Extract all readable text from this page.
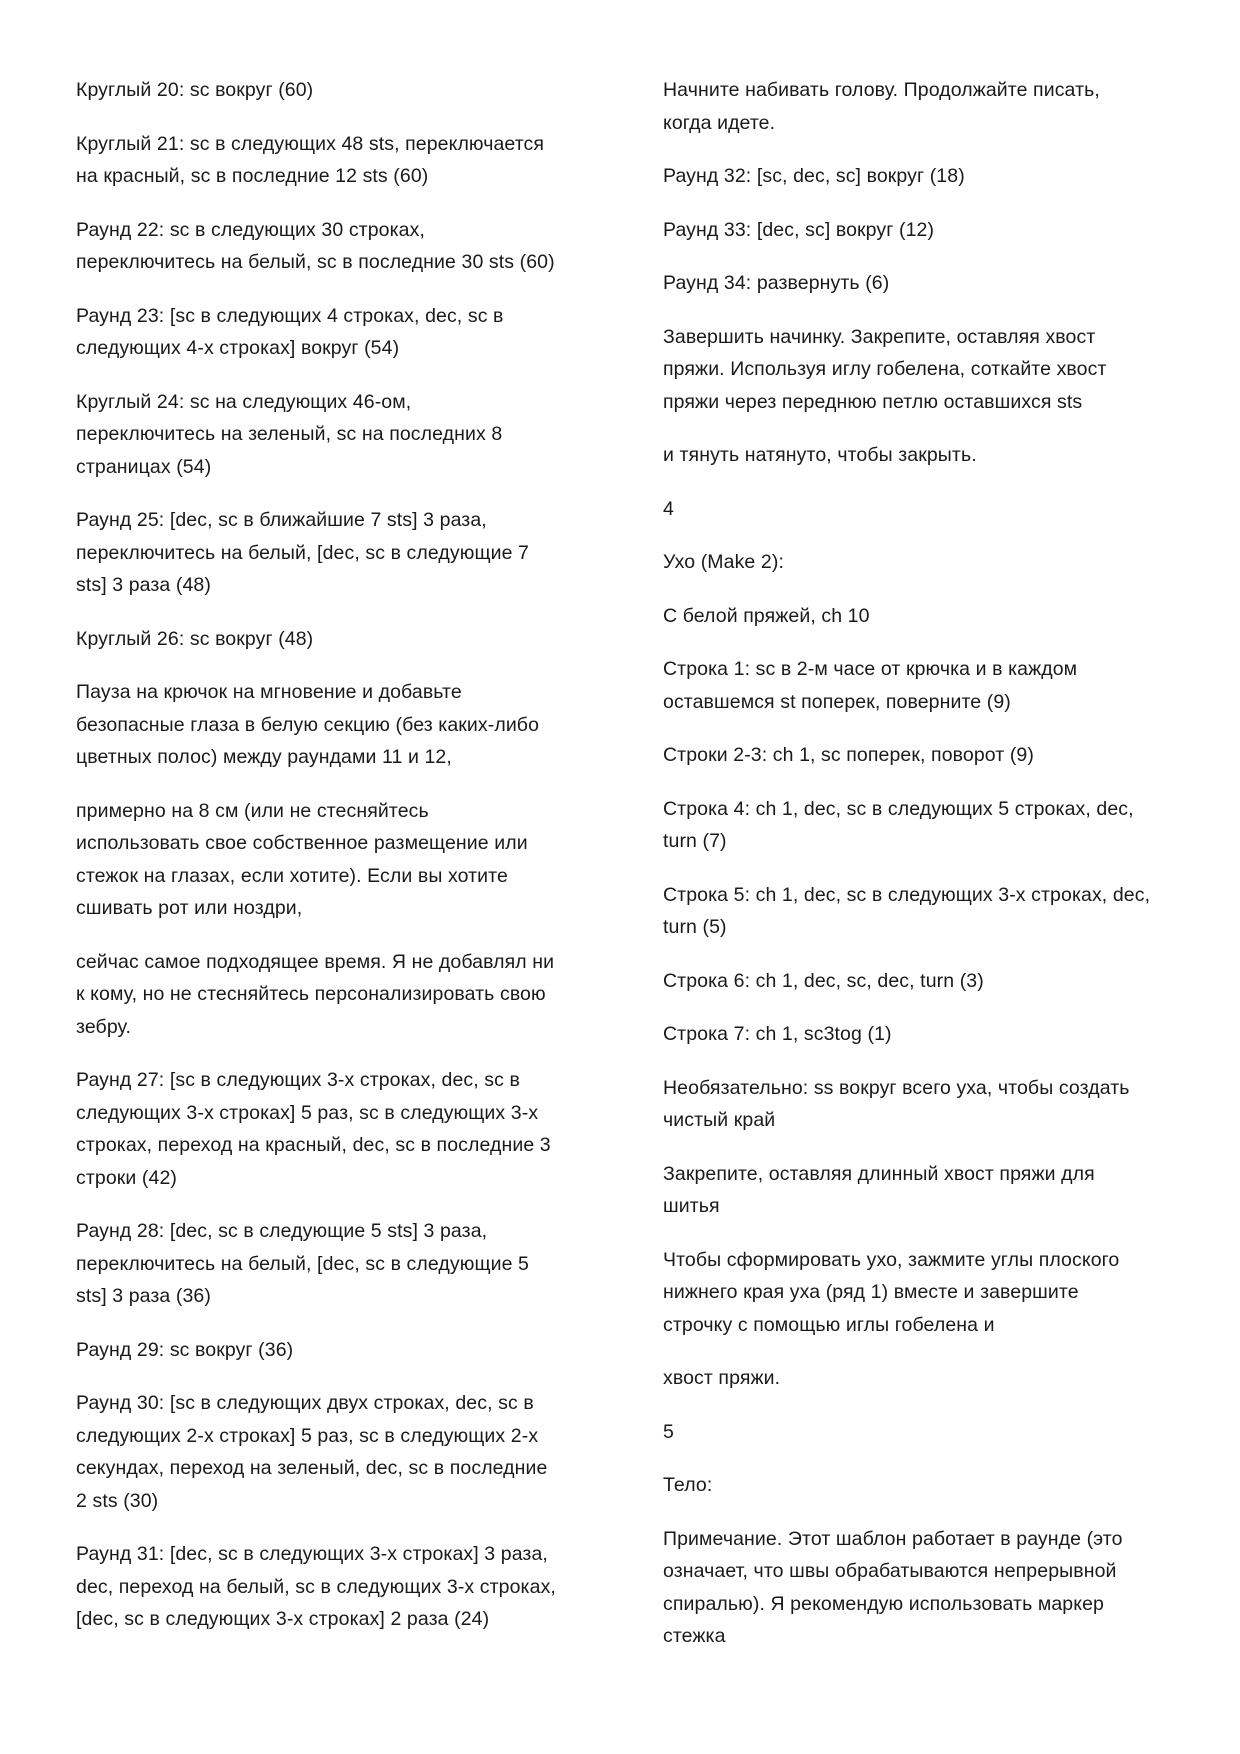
Круглый 20: sc вокруг (60)

Круглый 21: sc в следующих 48 sts, переключается
на красный, sc в последние 12 sts (60)

Раунд 22: sc в следующих 30 строках,
переключитесь на белый, sc в последние 30 sts (60)

Раунд 23: [sc в следующих 4 строках, dec, sc в
следующих 4-х строках] вокруг (54)

Круглый 24: sc на следующих 46-ом,
переключитесь на зеленый, sc на последних 8
страницах (54)

Раунд 25: [dec, sc в ближайшие 7 sts] 3 раза,
переключитесь на белый, [dec, sc в следующие 7
sts] 3 раза (48)

Круглый 26: sc вокруг (48)

Пауза на крючок на мгновение и добавьте
безопасные глаза в белую секцию (без каких-либо
цветных полос) между раундами 11 и 12,

примерно на 8 см (или не стесняйтесь
использовать свое собственное размещение или
стежок на глазах, если хотите). Если вы хотите
сшивать рот или ноздри,

сейчас самое подходящее время. Я не добавлял ни
к кому, но не стесняйтесь персонализировать свою
зебру.

Раунд 27: [sc в следующих 3-х строках, dec, sc в
следующих 3-х строках] 5 раз, sc в следующих 3-х
строках, переход на красный, dec, sc в последние 3
строки (42)

Раунд 28: [dec, sc в следующие 5 sts] 3 раза,
переключитесь на белый, [dec, sc в следующие 5
sts] 3 раза (36)

Раунд 29: sc вокруг (36)

Раунд 30: [sc в следующих двух строках, dec, sc в
следующих 2-х строках] 5 раз, sc в следующих 2-х
секундах, переход на зеленый, dec, sc в последние
2 sts (30)

Раунд 31: [dec, sc в следующих 3-х строках] 3 раза,
dec, переход на белый, sc в следующих 3-х строках,
[dec, sc в следующих 3-х строках] 2 раза (24)

Начните набивать голову. Продолжайте писать,
когда идете.

Раунд 32: [sc, dec, sc] вокруг (18)

Раунд 33: [dec, sc] вокруг (12)

Раунд 34: развернуть (6)

Завершить начинку. Закрепите, оставляя хвост
пряжи. Используя иглу гобелена, соткайте хвост
пряжи через переднюю петлю оставшихся sts

и тянуть натянуто, чтобы закрыть.

4

Ухо (Make 2):

С белой пряжей, ch 10

Строка 1: sc в 2-м часе от крючка и в каждом
оставшемся st поперек, поверните (9)

Строки 2-3: ch 1, sc поперек, поворот (9)

Строка 4: ch 1, dec, sc в следующих 5 строках, dec,
turn (7)

Строка 5: ch 1, dec, sc в следующих 3-х строках, dec,
turn (5)

Строка 6: ch 1, dec, sc, dec, turn (3)

Строка 7: ch 1, sc3tog (1)

Необязательно: ss вокруг всего уха, чтобы создать
чистый край

Закрепите, оставляя длинный хвост пряжи для
шитья

Чтобы сформировать ухо, зажмите углы плоского
нижнего края уха (ряд 1) вместе и завершите
строчку с помощью иглы гобелена и

хвост пряжи.

5

Тело:

Примечание. Этот шаблон работает в раунде (это
означает, что швы обрабатываются непрерывной
спиралью). Я рекомендую использовать маркер
стежка
